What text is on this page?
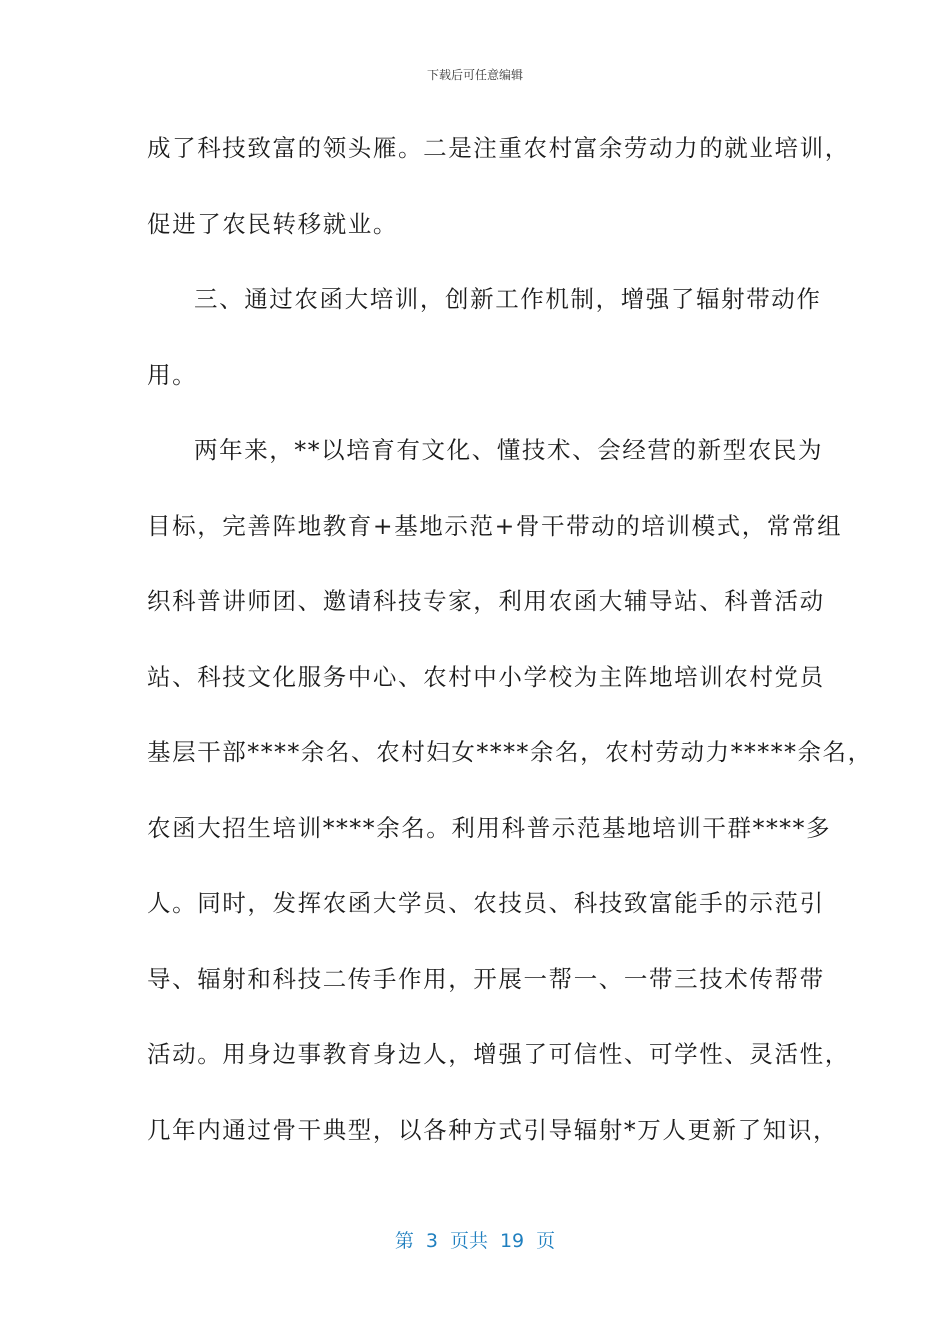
下载后可任意编辑
成了科技致富的领头雁。二是注重农村富余劳动力的就业培训，
促进了农民转移就业。
三、通过农函大培训，创新工作机制，增强了辐射带动作
用。
两年来，**以培育有文化、懂技术、会经营的新型农民为
目标，完善阵地教育+基地示范+骨干带动的培训模式，常常组
织科普讲师团、邀请科技专家，利用农函大辅导站、科普活动
站、科技文化服务中心、农村中小学校为主阵地培训农村党员
基层干部****余名、农村妇女****余名，农村劳动力*****余名，
农函大招生培训****余名。利用科普示范基地培训干群****多
人。同时，发挥农函大学员、农技员、科技致富能手的示范引
导、辐射和科技二传手作用，开展一帮一、一带三技术传帮带
活动。用身边事教育身边人，增强了可信性、可学性、灵活性，
几年内通过骨干典型，以各种方式引导辐射*万人更新了知识，
第 3 页共 19 页
